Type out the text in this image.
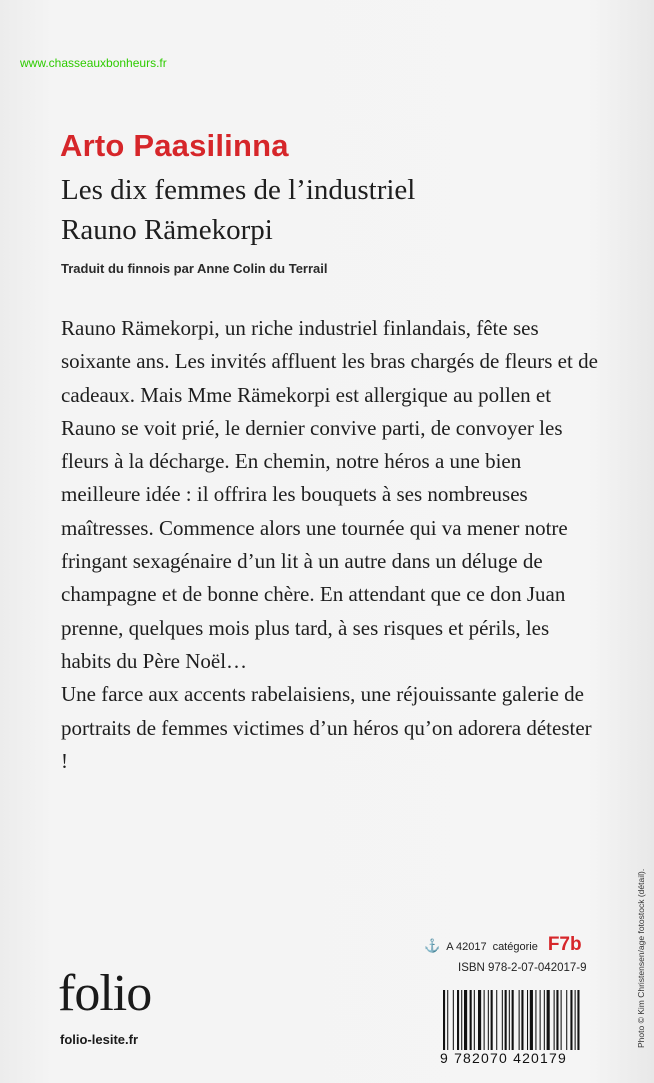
www.chasseauxbonheurs.fr
Arto Paasilinna
Les dix femmes de l’industriel
Rauno Rämekorpi
Traduit du finnois par Anne Colin du Terrail

Rauno Rämekorpi, un riche industriel finlandais, fête ses soixante ans. Les invités affluent les bras chargés de fleurs et de cadeaux. Mais Mme Rämekorpi est allergique au pollen et Rauno se voit prié, le dernier convive parti, de convoyer les fleurs à la décharge. En chemin, notre héros a une bien meilleure idée : il offrira les bouquets à ses nombreuses maîtresses. Commence alors une tournée qui va mener notre fringant sexagénaire d’un lit à un autre dans un déluge de champagne et de bonne chère. En attendant que ce don Juan prenne, quelques mois plus tard, à ses risques et périls, les habits du Père Noël…

Une farce aux accents rabelaisiens, une réjouissante galerie de portraits de femmes victimes d’un héros qu’on adorera détester !

folio
folio-lesite.fr
⚓ A 42017 catégorie F7b
ISBN 978-2-07-042017-9
9 782070 420179
Photo © Kim Christensen/age fotostock (détail).
